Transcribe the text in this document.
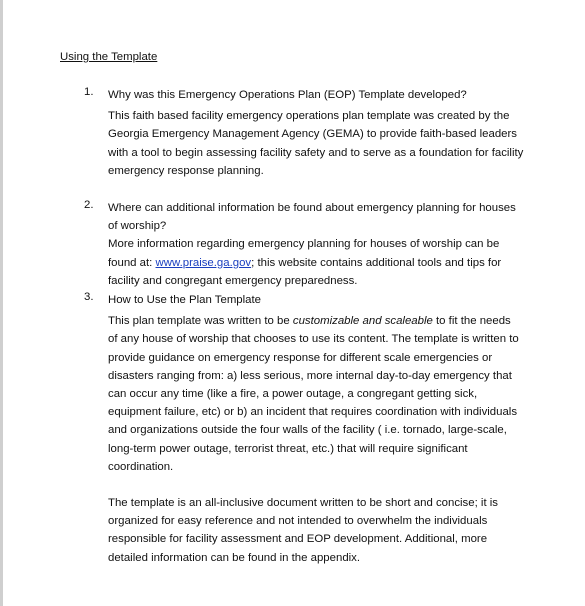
Using the Template
1. Why was this Emergency Operations Plan (EOP) Template developed?
This faith based facility emergency operations plan template was created by the Georgia Emergency Management Agency (GEMA) to provide faith-based leaders with a tool to begin assessing facility safety and to serve as a foundation for facility emergency response planning.
2. Where can additional information be found about emergency planning for houses of worship?
More information regarding emergency planning for houses of worship can be found at: www.praise.ga.gov; this website contains additional tools and tips for facility and congregant emergency preparedness.
3. How to Use the Plan Template
This plan template was written to be customizable and scaleable to fit the needs of any house of worship that chooses to use its content. The template is written to provide guidance on emergency response for different scale emergencies or disasters ranging from: a) less serious, more internal day-to-day emergency that can occur any time (like a fire, a power outage, a congregant getting sick, equipment failure, etc) or b) an incident that requires coordination with individuals and organizations outside the four walls of the facility ( i.e. tornado, large-scale, long-term power outage, terrorist threat, etc.) that will require significant coordination.
The template is an all-inclusive document written to be short and concise; it is organized for easy reference and not intended to overwhelm the individuals responsible for facility assessment and EOP development. Additional, more detailed information can be found in the appendix.
